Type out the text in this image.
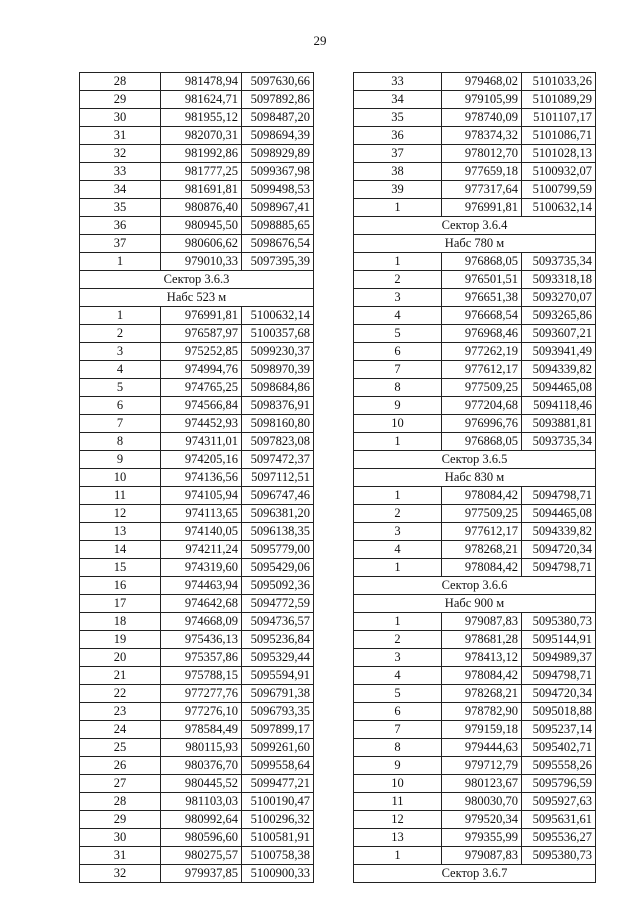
29
28	981478,94	5097630,66
29	981624,71	5097892,86
30	981955,12	5098487,20
31	982070,31	5098694,39
32	981992,86	5098929,89
33	981777,25	5099367,98
34	981691,81	5099498,53
35	980876,40	5098967,41
36	980945,50	5098885,65
37	980606,62	5098676,54
1	979010,33	5097395,39
Сектор 3.6.3		
Набс 523 м		
1	976991,81	5100632,14
2	976587,97	5100357,68
3	975252,85	5099230,37
4	974994,76	5098970,39
5	974765,25	5098684,86
6	974566,84	5098376,91
7	974452,93	5098160,80
8	974311,01	5097823,08
9	974205,16	5097472,37
10	974136,56	5097112,51
11	974105,94	5096747,46
12	974113,65	5096381,20
13	974140,05	5096138,35
14	974211,24	5095779,00
15	974319,60	5095429,06
16	974463,94	5095092,36
17	974642,68	5094772,59
18	974668,09	5094736,57
19	975436,13	5095236,84
20	975357,86	5095329,44
21	975788,15	5095594,91
22	977277,76	5096791,38
23	977276,10	5096793,35
24	978584,49	5097899,17
25	980115,93	5099261,60
26	980376,70	5099558,64
27	980445,52	5099477,21
28	981103,03	5100190,47
29	980992,64	5100296,32
30	980596,60	5100581,91
31	980275,57	5100758,38
32	979937,85	5100900,33
33	979468,02	5101033,26
34	979105,99	5101089,29
35	978740,09	5101107,17
36	978374,32	5101086,71
37	978012,70	5101028,13
38	977659,18	5100932,07
39	977317,64	5100799,59
1	976991,81	5100632,14
Сектор 3.6.4		
Набс 780 м		
1	976868,05	5093735,34
2	976501,51	5093318,18
3	976651,38	5093270,07
4	976668,54	5093265,86
5	976968,46	5093607,21
6	977262,19	5093941,49
7	977612,17	5094339,82
8	977509,25	5094465,08
9	977204,68	5094118,46
10	976996,76	5093881,81
1	976868,05	5093735,34
Сектор 3.6.5		
Набс 830 м		
1	978084,42	5094798,71
2	977509,25	5094465,08
3	977612,17	5094339,82
4	978268,21	5094720,34
1	978084,42	5094798,71
Сектор 3.6.6		
Набс 900 м		
1	979087,83	5095380,73
2	978681,28	5095144,91
3	978413,12	5094989,37
4	978084,42	5094798,71
5	978268,21	5094720,34
6	978782,90	5095018,88
7	979159,18	5095237,14
8	979444,63	5095402,71
9	979712,79	5095558,26
10	980123,67	5095796,59
11	980030,70	5095927,63
12	979520,34	5095631,61
13	979355,99	5095536,27
1	979087,83	5095380,73
Сектор 3.6.7		
